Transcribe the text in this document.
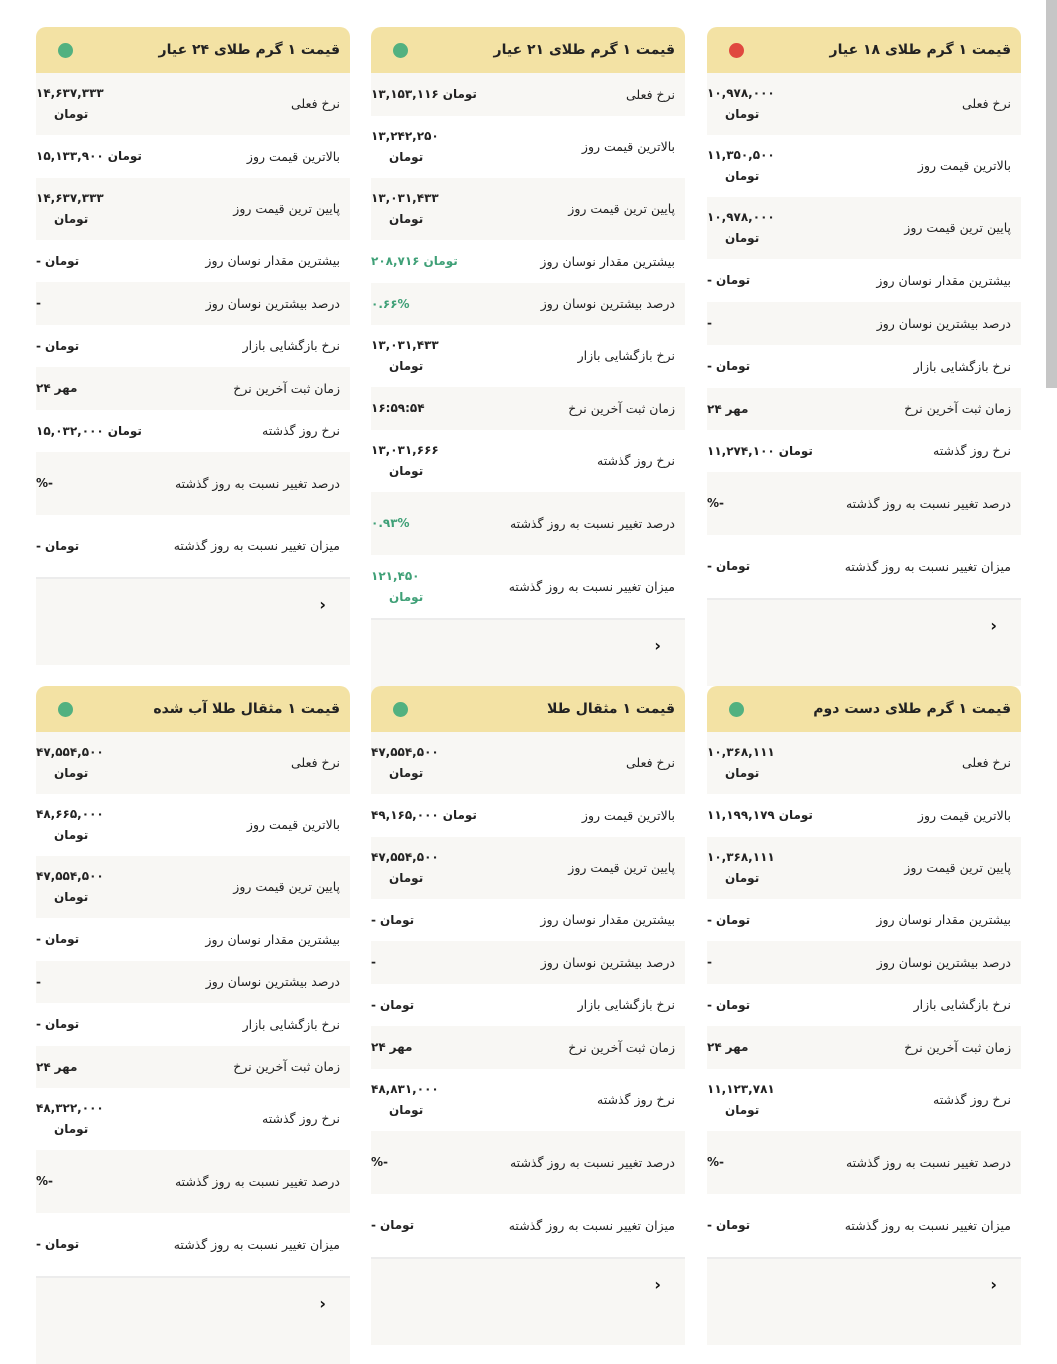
قیمت ۱ گرم طلای ۱۸ عیار
نرخ فعلی
۱۰,۹۷۸,۰۰۰
تومان
بالاترین قیمت روز
۱۱,۳۵۰,۵۰۰
تومان
پایین ترین قیمت روز
۱۰,۹۷۸,۰۰۰
تومان
بیشترین مقدار نوسان روز
- تومان
درصد بیشترین نوسان روز
-
نرخ بازگشایی بازار
- تومان
زمان ثبت آخرین نرخ
۲۴ مهر
نرخ روز گذشته
۱۱,۲۷۴,۱۰۰ تومان
درصد تغییر نسبت به روز گذشته
%-
میزان تغییر نسبت به روز گذشته
- تومان
‹
قیمت ۱ گرم طلای ۲۱ عیار
نرخ فعلی
۱۳,۱۵۳,۱۱۶ تومان
بالاترین قیمت روز
۱۳,۲۴۲,۲۵۰
تومان
پایین ترین قیمت روز
۱۳,۰۳۱,۴۳۳
تومان
بیشترین مقدار نوسان روز
۲۰۸,۷۱۶ تومان
درصد بیشترین نوسان روز
۰.۶۶%
نرخ بازگشایی بازار
۱۳,۰۳۱,۴۳۳
تومان
زمان ثبت آخرین نرخ
۱۶:۵۹:۵۴
نرخ روز گذشته
۱۳,۰۳۱,۶۶۶
تومان
درصد تغییر نسبت به روز گذشته
۰.۹۳%
میزان تغییر نسبت به روز گذشته
۱۲۱,۴۵۰
تومان
‹
قیمت ۱ گرم طلای ۲۴ عیار
نرخ فعلی
۱۴,۶۳۷,۳۳۳
تومان
بالاترین قیمت روز
۱۵,۱۳۳,۹۰۰ تومان
پایین ترین قیمت روز
۱۴,۶۳۷,۳۳۳
تومان
بیشترین مقدار نوسان روز
- تومان
درصد بیشترین نوسان روز
-
نرخ بازگشایی بازار
- تومان
زمان ثبت آخرین نرخ
۲۴ مهر
نرخ روز گذشته
۱۵,۰۳۲,۰۰۰ تومان
درصد تغییر نسبت به روز گذشته
%-
میزان تغییر نسبت به روز گذشته
- تومان
‹
قیمت ۱ گرم طلای دست دوم
نرخ فعلی
۱۰,۳۶۸,۱۱۱
تومان
بالاترین قیمت روز
۱۱,۱۹۹,۱۷۹ تومان
پایین ترین قیمت روز
۱۰,۳۶۸,۱۱۱
تومان
بیشترین مقدار نوسان روز
- تومان
درصد بیشترین نوسان روز
-
نرخ بازگشایی بازار
- تومان
زمان ثبت آخرین نرخ
۲۴ مهر
نرخ روز گذشته
۱۱,۱۲۳,۷۸۱
تومان
درصد تغییر نسبت به روز گذشته
%-
میزان تغییر نسبت به روز گذشته
- تومان
‹
قیمت ۱ مثقال طلا
نرخ فعلی
۴۷,۵۵۴,۵۰۰
تومان
بالاترین قیمت روز
۴۹,۱۶۵,۰۰۰ تومان
پایین ترین قیمت روز
۴۷,۵۵۴,۵۰۰
تومان
بیشترین مقدار نوسان روز
- تومان
درصد بیشترین نوسان روز
-
نرخ بازگشایی بازار
- تومان
زمان ثبت آخرین نرخ
۲۴ مهر
نرخ روز گذشته
۴۸,۸۳۱,۰۰۰
تومان
درصد تغییر نسبت به روز گذشته
%-
میزان تغییر نسبت به روز گذشته
- تومان
‹
قیمت ۱ مثقال طلا آب شده
نرخ فعلی
۴۷,۵۵۴,۵۰۰
تومان
بالاترین قیمت روز
۴۸,۶۶۵,۰۰۰
تومان
پایین ترین قیمت روز
۴۷,۵۵۴,۵۰۰
تومان
بیشترین مقدار نوسان روز
- تومان
درصد بیشترین نوسان روز
-
نرخ بازگشایی بازار
- تومان
زمان ثبت آخرین نرخ
۲۴ مهر
نرخ روز گذشته
۴۸,۳۲۲,۰۰۰
تومان
درصد تغییر نسبت به روز گذشته
%-
میزان تغییر نسبت به روز گذشته
- تومان
‹
